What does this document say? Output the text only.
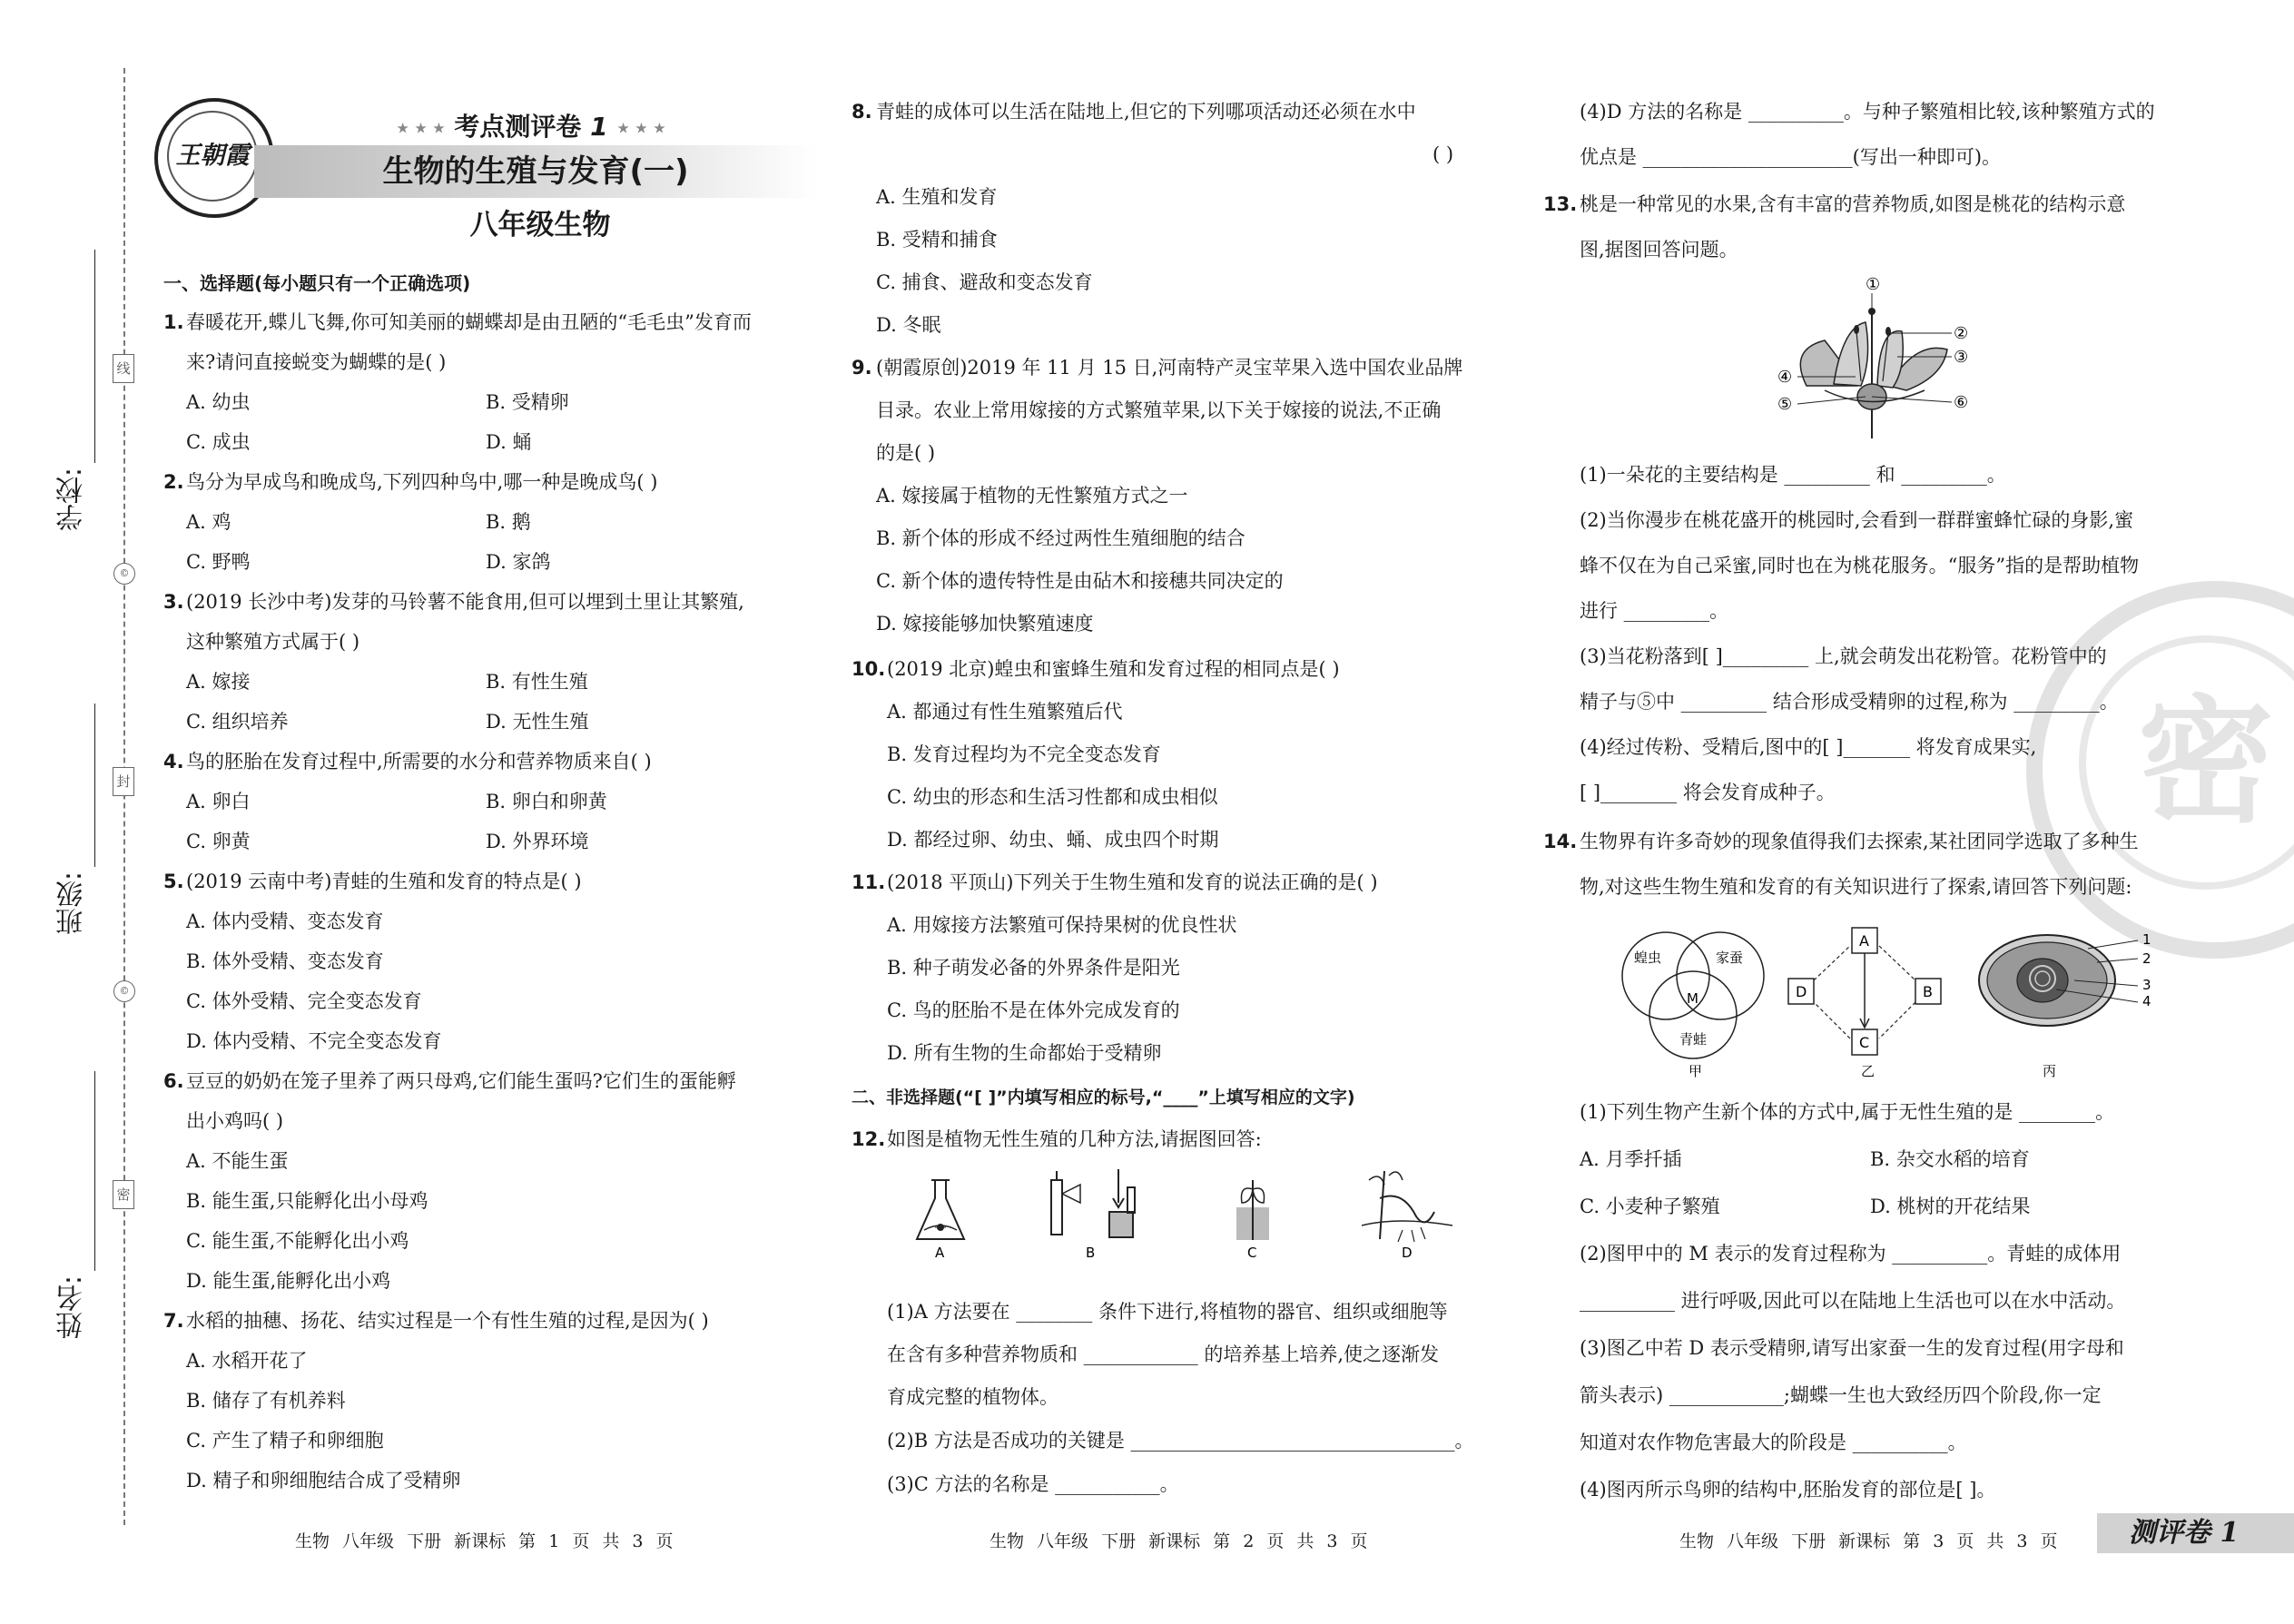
线
©
封
©
密
学校:
班级:
姓名:
王朝霞
★ ★ ★ 考点测评卷 1 ★ ★ ★
生物的生殖与发育(一)
八年级生物
一、选择题(每小题只有一个正确选项)
1. 春暖花开,蝶儿飞舞,你可知美丽的蝴蝶却是由丑陋的“毛毛虫”发育而
来?请问直接蜕变为蝴蝶的是( )
A. 幼虫	B. 受精卵
C. 成虫	D. 蛹
2. 鸟分为早成鸟和晚成鸟,下列四种鸟中,哪一种是晚成鸟( )
A. 鸡	B. 鹅
C. 野鸭	D. 家鸽
3. (2019 长沙中考)发芽的马铃薯不能食用,但可以埋到土里让其繁殖,
这种繁殖方式属于( )
A. 嫁接	B. 有性生殖
C. 组织培养	D. 无性生殖
4. 鸟的胚胎在发育过程中,所需要的水分和营养物质来自( )
A. 卵白	B. 卵白和卵黄
C. 卵黄	D. 外界环境
5. (2019 云南中考)青蛙的生殖和发育的特点是( )
A. 体内受精、变态发育
B. 体外受精、变态发育
C. 体外受精、完全变态发育
D. 体内受精、不完全变态发育
6. 豆豆的奶奶在笼子里养了两只母鸡,它们能生蛋吗?它们生的蛋能孵
出小鸡吗( )
A. 不能生蛋
B. 能生蛋,只能孵化出小母鸡
C. 能生蛋,不能孵化出小鸡
D. 能生蛋,能孵化出小鸡
7. 水稻的抽穗、扬花、结实过程是一个有性生殖的过程,是因为( )
A. 水稻开花了
B. 储存了有机养料
C. 产生了精子和卵细胞
D. 精子和卵细胞结合成了受精卵
生物 八年级 下册 新课标 第 1 页 共 3 页
8. 青蛙的成体可以生活在陆地上,但它的下列哪项活动还必须在水中
( )
A. 生殖和发育
B. 受精和捕食
C. 捕食、避敌和变态发育
D. 冬眠
9. (朝霞原创)2019 年 11 月 15 日,河南特产灵宝苹果入选中国农业品牌
目录。农业上常用嫁接的方式繁殖苹果,以下关于嫁接的说法,不正确
的是( )
A. 嫁接属于植物的无性繁殖方式之一
B. 新个体的形成不经过两性生殖细胞的结合
C. 新个体的遗传特性是由砧木和接穗共同决定的
D. 嫁接能够加快繁殖速度
10. (2019 北京)蝗虫和蜜蜂生殖和发育过程的相同点是( )
A. 都通过有性生殖繁殖后代
B. 发育过程均为不完全变态发育
C. 幼虫的形态和生活习性都和成虫相似
D. 都经过卵、幼虫、蛹、成虫四个时期
11. (2018 平顶山)下列关于生物生殖和发育的说法正确的是( )
A. 用嫁接方法繁殖可保持果树的优良性状
B. 种子萌发必备的外界条件是阳光
C. 鸟的胚胎不是在体外完成发育的
D. 所有生物的生命都始于受精卵
二、非选择题(“[ ]”内填写相应的标号,“____”上填写相应的文字)
12. 如图是植物无性生殖的几种方法,请据图回答:
A	B	C	D
(1)A 方法要在 ________ 条件下进行,将植物的器官、组织或细胞等
在含有多种营养物质和 ____________ 的培养基上培养,使之逐渐发
育成完整的植物体。
(2)B 方法是否成功的关键是 __________________________________。
(3)C 方法的名称是 ___________。
生物 八年级 下册 新课标 第 2 页 共 3 页
密
(4)D 方法的名称是 __________。与种子繁殖相比较,该种繁殖方式的
优点是 ______________________(写出一种即可)。
13. 桃是一种常见的水果,含有丰富的营养物质,如图是桃花的结构示意
图,据图回答问题。
①
②
③
④
⑤	⑥
(1)一朵花的主要结构是 _________ 和 _________。
(2)当你漫步在桃花盛开的桃园时,会看到一群群蜜蜂忙碌的身影,蜜
蜂不仅在为自己采蜜,同时也在为桃花服务。“服务”指的是帮助植物
进行 _________。
(3)当花粉落到[ ]_________ 上,就会萌发出花粉管。花粉管中的
精子与⑤中 _________ 结合形成受精卵的过程,称为 _________。
(4)经过传粉、受精后,图中的[ ]_______ 将发育成果实,
[ ]________ 将会发育成种子。
14. 生物界有许多奇妙的现象值得我们去探索,某社团同学选取了多种生
物,对这些生物生殖和发育的有关知识进行了探索,请回答下列问题:
蝗虫	家蚕
青蛙
M
甲
A
B
C
D
乙
1
2
3
4
丙
(1)下列生物产生新个体的方式中,属于无性生殖的是 ________。
A. 月季扦插	B. 杂交水稻的培育
C. 小麦种子繁殖	D. 桃树的开花结果
(2)图甲中的 M 表示的发育过程称为 __________。青蛙的成体用
__________ 进行呼吸,因此可以在陆地上生活也可以在水中活动。
(3)图乙中若 D 表示受精卵,请写出家蚕一生的发育过程(用字母和
箭头表示) ____________;蝴蝶一生也大致经历四个阶段,你一定
知道对农作物危害最大的阶段是 __________。
(4)图丙所示鸟卵的结构中,胚胎发育的部位是[ ]。
生物 八年级 下册 新课标 第 3 页 共 3 页	测评卷 1
